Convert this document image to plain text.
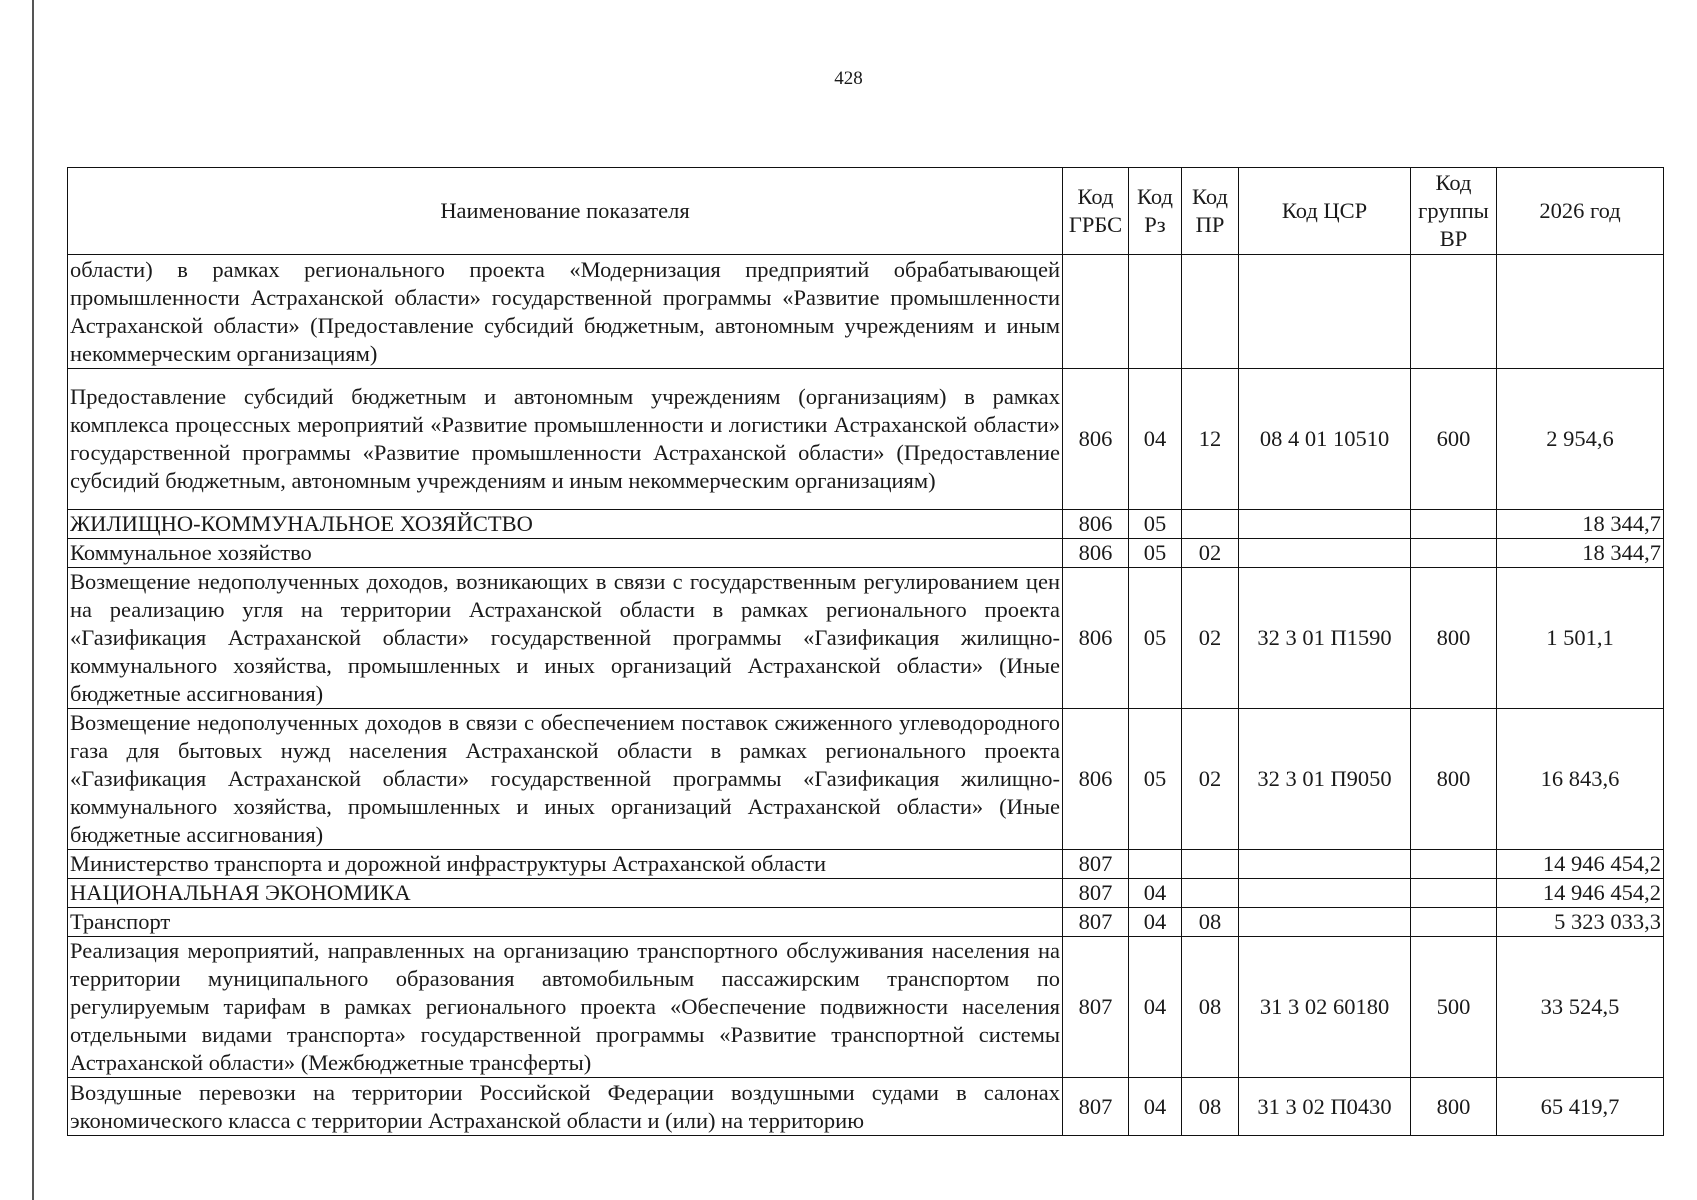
428
Наименование показателя	Код ГРБС	Код Рз	Код ПР	Код ЦСР	Код группы ВР	2026 год
области) в рамках регионального проекта «Модернизация предприятий обрабатывающей промышленности Астраханской области» государственной программы «Развитие промышленности Астраханской области» (Предоставление субсидий бюджетным, автономным учреждениям и иным некоммерческим организациям)						
Предоставление субсидий бюджетным и автономным учреждениям (организациям) в рамках комплекса процессных мероприятий «Развитие промышленности и логистики Астраханской области» государственной программы «Развитие промышленности Астраханской области» (Предоставление субсидий бюджетным, автономным учреждениям и иным некоммерческим организациям)	806	04	12	08 4 01 10510	600	2 954,6
ЖИЛИЩНО-КОММУНАЛЬНОЕ ХОЗЯЙСТВО	806	05				18 344,7
Коммунальное хозяйство	806	05	02			18 344,7
Возмещение недополученных доходов, возникающих в связи с государственным регулированием цен на реализацию угля на территории Астраханской области в рамках регионального проекта «Газификация Астраханской области» государственной программы «Газификация жилищно-коммунального хозяйства, промышленных и иных организаций Астраханской области» (Иные бюджетные ассигнования)	806	05	02	32 3 01 П1590	800	1 501,1
Возмещение недополученных доходов в связи с обеспечением поставок сжиженного углеводородного газа для бытовых нужд населения Астраханской области в рамках регионального проекта «Газификация Астраханской области» государственной программы «Газификация жилищно-коммунального хозяйства, промышленных и иных организаций Астраханской области» (Иные бюджетные ассигнования)	806	05	02	32 3 01 П9050	800	16 843,6
Министерство транспорта и дорожной инфраструктуры Астраханской области	807					14 946 454,2
НАЦИОНАЛЬНАЯ ЭКОНОМИКА	807	04				14 946 454,2
Транспорт	807	04	08			5 323 033,3
Реализация мероприятий, направленных на организацию транспортного обслуживания населения на территории муниципального образования автомобильным пассажирским транспортом по регулируемым тарифам в рамках регионального проекта «Обеспечение подвижности населения отдельными видами транспорта» государственной программы «Развитие транспортной системы Астраханской области» (Межбюджетные трансферты)	807	04	08	31 3 02 60180	500	33 524,5
Воздушные перевозки на территории Российской Федерации воздушными судами в салонах экономического класса с территории Астраханской области и (или) на территорию	807	04	08	31 3 02 П0430	800	65 419,7
